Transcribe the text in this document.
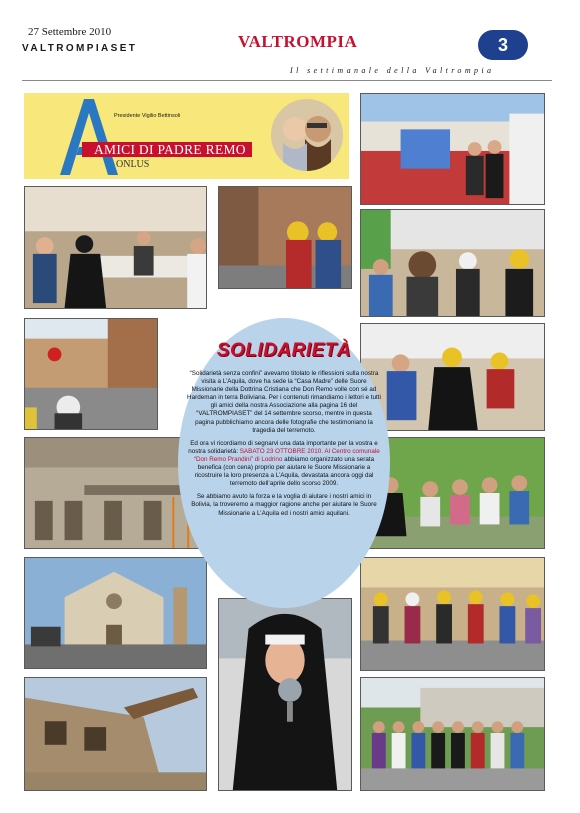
27 Settembre 2010
VALTROMPIASET	VALTROMPIA	3
Il settimanale della Valtrompia
Presidente Vigilio Bettinsoli
AMICI DI PADRE REMO
ONLUS
SOLIDARIETÀ

“Solidarietà senza confini” avevamo titolato le riflessioni sulla nostra visita a L’Aquila, dove ha sede la “Casa Madre” delle Suore Missionarie della Dottrina Cristiana che Don Remo volle con sé ad Hardeman in terra Boliviana. Per i contenuti rimandiamo i lettori e tutti gli amici della nostra Associazione alla pagina 16 del “VALTROMPIASET” del 14 settembre scorso, mentre in questa pagina pubblichiamo ancora delle fotografie che testimoniano la tragedia del terremoto.

Ed ora vi ricordiamo di segnarvi una data importante per la vostra e nostra solidarietà: SABATO 23 OTTOBRE 2010. Al Centro comunale “Don Remo Prandini” di Lodrino abbiamo organizzato una serata benefica (con cena) proprio per aiutare le Suore Missionarie a ricostruire la loro presenza a L’Aquila, devastata ancora oggi dal terremoto dell’aprile dello scorso 2009.

Se abbiamo avuto la forza e la voglia di aiutare i nostri amici in Bolivia, la troveremo a maggior ragione anche per aiutare le Suore Missionarie a L’Aquila ed i nostri amici aquilani.
